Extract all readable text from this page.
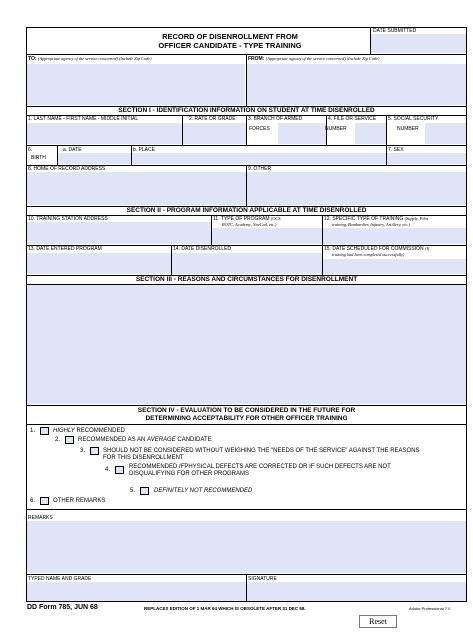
RECORD OF DISENROLLMENT FROM
OFFICER CANDIDATE - TYPE TRAINING
DATE SUBMITTED
TO: (Appropriate agency of the service concerned) (Include Zip Code)	FROM: (Appropriate agency of the service concerned) (Include Zip Code)
SECTION I - IDENTIFICATION INFORMATION ON STUDENT AT TIME DISENROLLED
1. LAST NAME - FIRST NAME - MIDDLE INITIAL	2. RATE OR GRADE 3. BRANCH OF ARMED
FORCES
4. FILE OR SERVICE
NUMBER
5. SOCIAL SECURITY
NUMBER
6.
BIRTH
a. DATE	b. PLACE	7. SEX
8. HOME OF RECORD ADDRESS	9. OTHER
SECTION II - PROGRAM INFORMATION APPLICABLE AT TIME DISENROLLED
10. TRAINING STATION ADDRESS	11. TYPE OF PROGRAM (OCS,
ROTC, Academy, NavCad, etc.)
12. SPECIFIC TYPE OF TRAINING (Supply, Pilot
training, Bombardier, Infantry, Artillery, etc.)
13. DATE ENTERED PROGRAM	14. DATE DISENROLLED	15. DATE SCHEDULED FOR COMMISSION (If
training had been completed successfully)
SECTION III - REASONS AND CIRCUMSTANCES FOR DISENROLLMENT
SECTION IV - EVALUATION TO BE CONSIDERED IN THE FUTURE FOR
DETERMINING ACCEPTABILITY FOR OTHER OFFICER TRAINING
1.	HIGHLY RECOMMENDED
2.	RECOMMENDED AS AN AVERAGE CANDIDATE
3.	SHOULD NOT BE CONSIDERED WITHOUT WEIGHING THE "NEEDS OF THE SERVICE" AGAINST THE REASONS
FOR THIS DISENROLLMENT
4.	RECOMMENDED IFPHYSICAL DEFECTS ARE CORRECTED OR IF SUCH DEFECTS ARE NOT
DISQUALIFYING FOR OTHER PROGRAMS
5.	DEFINITELY NOT RECOMMENDED
6.	OTHER REMARKS
REMARKS
TYPED NAME AND GRADE	SIGNATURE
DD Form 785, JUN 68	REPLACES EDITION OF 1 MAR 64 WHICH IS OBSOLETE AFTER 31 DEC 68.	Adobe Professional 7.0
Reset
